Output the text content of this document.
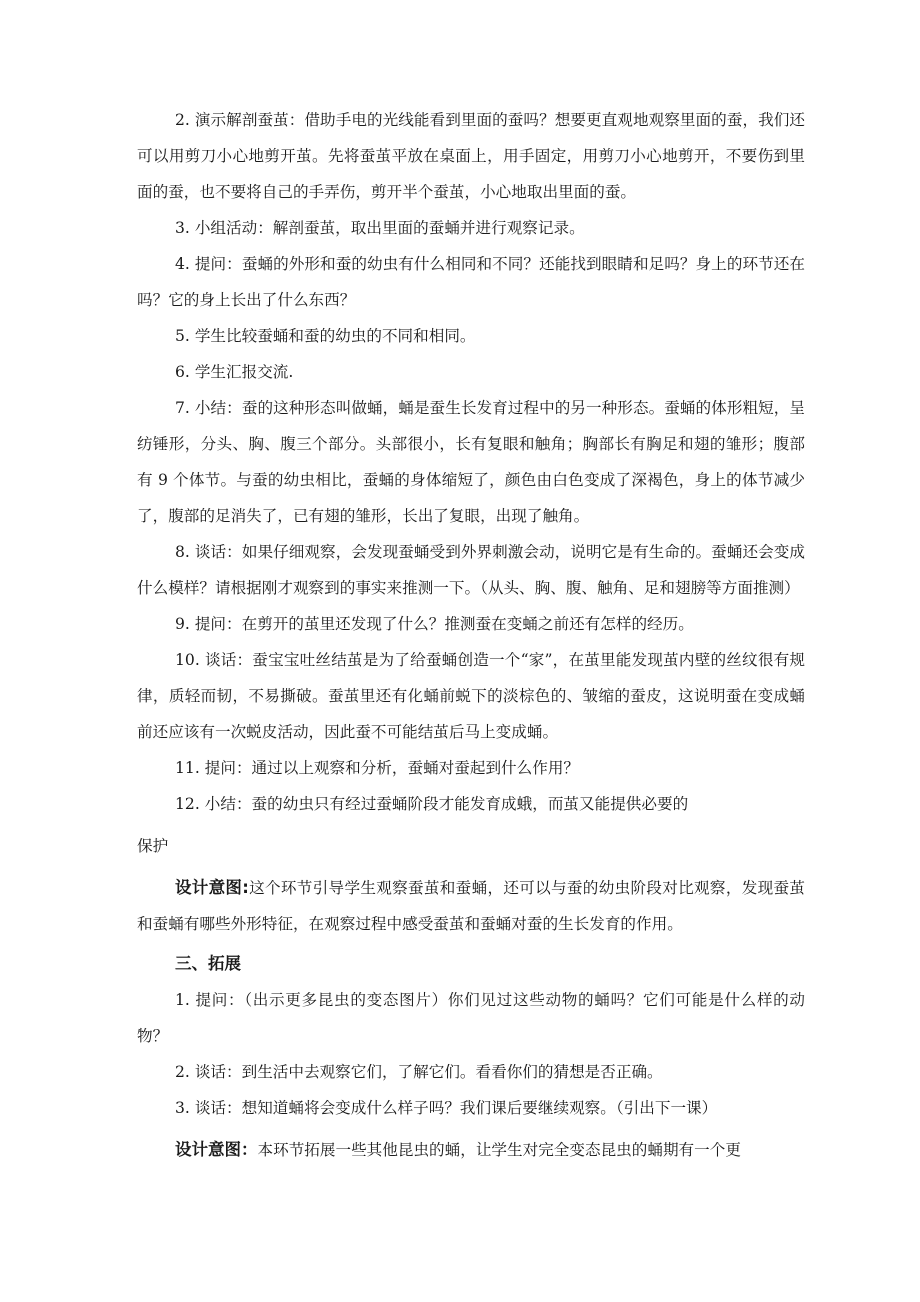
2. 演示解剖蚕茧：借助手电的光线能看到里面的蚕吗？想要更直观地观察里面的蚕，我们还可以用剪刀小心地剪开茧。先将蚕茧平放在桌面上，用手固定，用剪刀小心地剪开，不要伤到里面的蚕，也不要将自己的手弄伤，剪开半个蚕茧，小心地取出里面的蚕。

3. 小组活动：解剖蚕茧，取出里面的蚕蛹并进行观察记录。

4. 提问：蚕蛹的外形和蚕的幼虫有什么相同和不同？还能找到眼睛和足吗？身上的环节还在吗？它的身上长出了什么东西？

5. 学生比较蚕蛹和蚕的幼虫的不同和相同。

6. 学生汇报交流.

7. 小结：蚕的这种形态叫做蛹，蛹是蚕生长发育过程中的另一种形态。蚕蛹的体形粗短，呈纺锤形，分头、胸、腹三个部分。头部很小，长有复眼和触角；胸部长有胸足和翅的雏形；腹部有 9 个体节。与蚕的幼虫相比，蚕蛹的身体缩短了，颜色由白色变成了深褐色，身上的体节减少了，腹部的足消失了，已有翅的雏形，长出了复眼，出现了触角。

8. 谈话：如果仔细观察，会发现蚕蛹受到外界刺激会动，说明它是有生命的。蚕蛹还会变成什么模样？请根据刚才观察到的事实来推测一下。（从头、胸、腹、触角、足和翅膀等方面推测）

9. 提问：在剪开的茧里还发现了什么？推测蚕在变蛹之前还有怎样的经历。

10. 谈话：蚕宝宝吐丝结茧是为了给蚕蛹创造一个“家”，在茧里能发现茧内壁的丝纹很有规律，质轻而韧，不易撕破。蚕茧里还有化蛹前蜕下的淡棕色的、皱缩的蚕皮，这说明蚕在变成蛹前还应该有一次蜕皮活动，因此蚕不可能结茧后马上变成蛹。

11. 提问：通过以上观察和分析，蚕蛹对蚕起到什么作用？

12. 小结：蚕的幼虫只有经过蚕蛹阶段才能发育成蛾，而茧又能提供必要的

保护

设计意图:这个环节引导学生观察蚕茧和蚕蛹，还可以与蚕的幼虫阶段对比观察，发现蚕茧和蚕蛹有哪些外形特征，在观察过程中感受蚕茧和蚕蛹对蚕的生长发育的作用。

三、拓展

1. 提问：（出示更多昆虫的变态图片）你们见过这些动物的蛹吗？它们可能是什么样的动物？

2. 谈话：到生活中去观察它们，了解它们。看看你们的猜想是否正确。

3. 谈话：想知道蛹将会变成什么样子吗？我们课后要继续观察。（引出下一课）

设计意图：本环节拓展一些其他昆虫的蛹，让学生对完全变态昆虫的蛹期有一个更
